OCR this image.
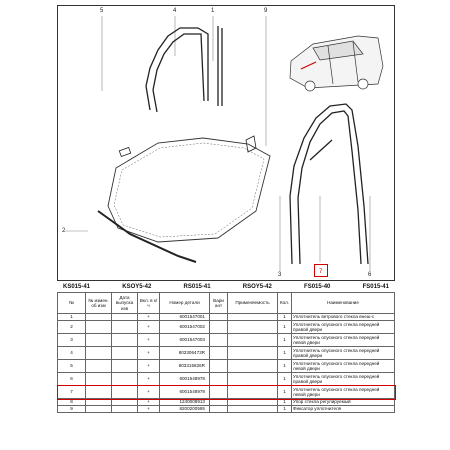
5	4	1
2
9
3	7	6
KS015-41	KSOY5-42	RS015-41	RSOY5-42	FS015-40	FS015-41
№	№ измен. об изм	Дата выпуска изв	Вкл. в к/ч	Номер детали	Вари ант	Применяемость	Кол.	Наименование
1			+	6001547001			1	Уплотнитель ветрового стекла внеш-с
2			+	6001547002			1	Уплотнитель опускного стекла передней правой двери
3			+	6001547003			1	Уплотнитель опускного стекла передней левой двери
4			+	803306473R			1	Уплотнитель опускного стекла передней правой двери
5			+	803315826R			1	Уплотнитель опускного стекла передней левой двери
6			+	6001548978			1	Уплотнитель опускного стекла передней правой двери
7			+	6001548979			1	Уплотнитель опускного стекла передней левой двери
8			+	1240008913			1	Упор стекла регулируемый
9			+	8200200585			1	Фиксатор уплотнителя
